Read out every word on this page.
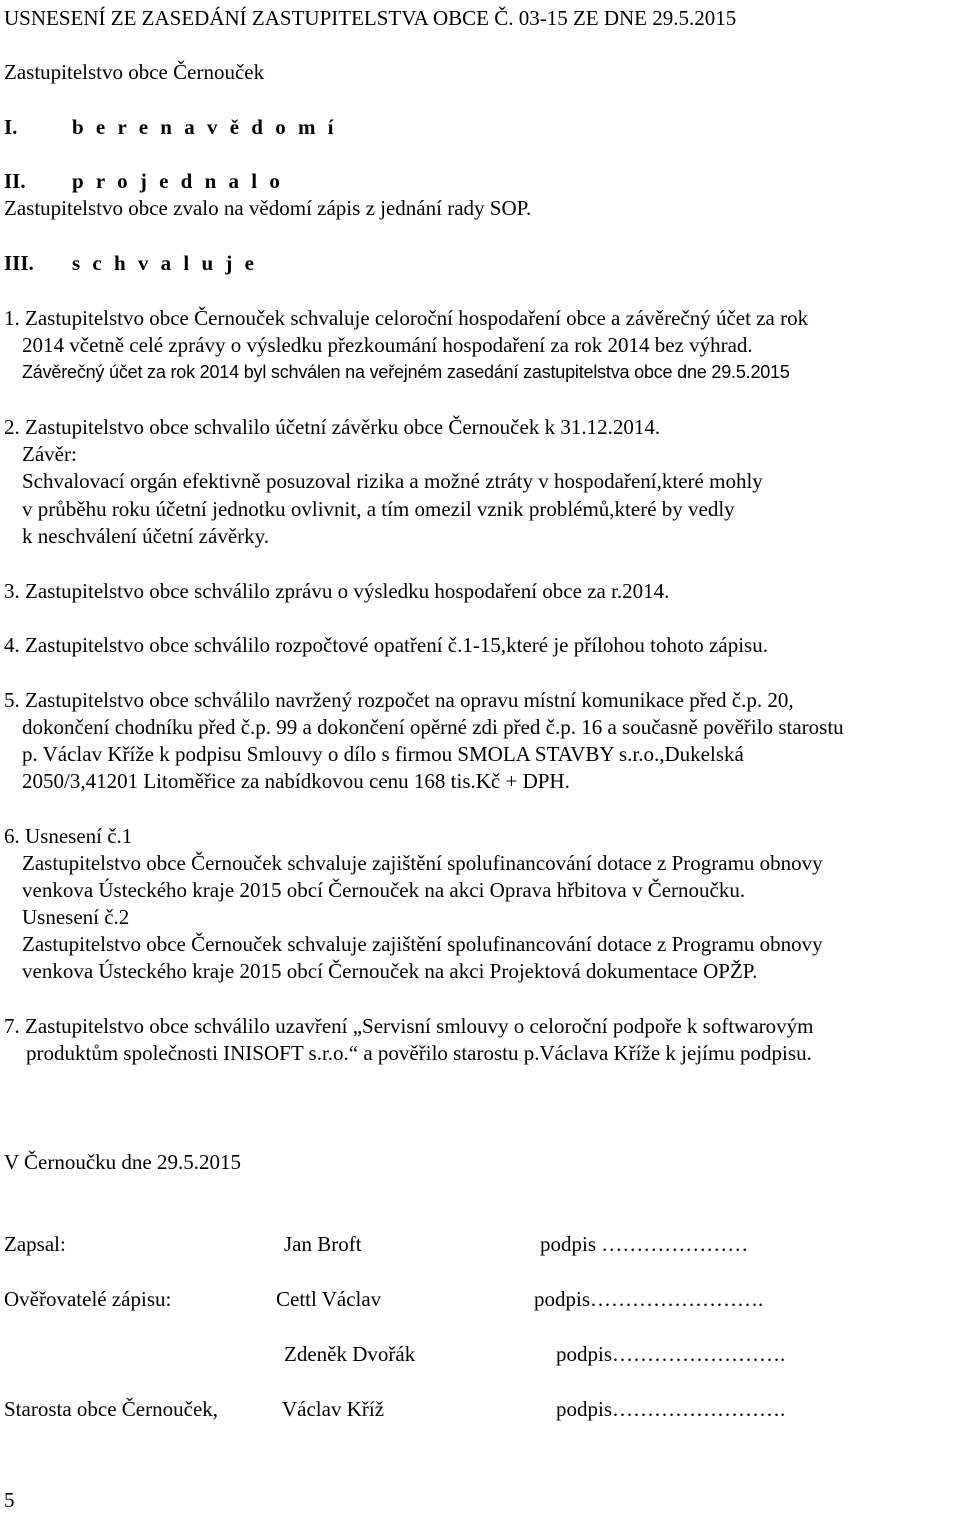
USNESENÍ ZE ZASEDÁNÍ ZASTUPITELSTVA OBCE Č. 03-15 ZE DNE 29.5.2015
Zastupitelstvo obce Černouček
I.	b e r e n a v ě d o m í
II. p r o j e d n a l o
Zastupitelstvo obce zvalo na vědomí zápis z jednání rady SOP.
III. s c h v a l u j e
1. Zastupitelstvo obce Černouček schvaluje celoroční hospodaření obce a závěrečný účet za rok
2014 včetně celé zprávy o výsledku přezkoumání hospodaření za rok 2014 bez výhrad.
Závěrečný účet za rok 2014 byl schválen na veřejném zasedání zastupitelstva obce dne 29.5.2015
2. Zastupitelstvo obce schvalilo účetní závěrku obce Černouček k 31.12.2014.
Závěr:
Schvalovací orgán efektivně posuzoval rizika a možné ztráty v hospodaření,které mohly
v průběhu roku účetní jednotku ovlivnit, a tím omezil vznik problémů,které by vedly
k neschválení účetní závěrky.
3. Zastupitelstvo obce schválilo zprávu o výsledku hospodaření obce za r.2014.
4. Zastupitelstvo obce schválilo rozpočtové opatření č.1-15,které je přílohou tohoto zápisu.
5. Zastupitelstvo obce schválilo navržený rozpočet na opravu místní komunikace před č.p. 20,
dokončení chodníku před č.p. 99 a dokončení opěrné zdi před č.p. 16 a současně pověřilo starostu
p. Václav Kříže k podpisu Smlouvy o dílo s firmou SMOLA STAVBY s.r.o.,Dukelská
2050/3,41201 Litoměřice za nabídkovou cenu 168 tis.Kč + DPH.
6. Usnesení č.1
Zastupitelstvo obce Černouček schvaluje zajištění spolufinancování dotace z Programu obnovy
venkova Ústeckého kraje 2015 obcí Černouček na akci Oprava hřbitova v Černoučku.
Usnesení č.2
Zastupitelstvo obce Černouček schvaluje zajištění spolufinancování dotace z Programu obnovy
venkova Ústeckého kraje 2015 obcí Černouček na akci Projektová dokumentace OPŽP.
7. Zastupitelstvo obce schválilo uzavření „Servisní smlouvy o celoroční podpoře k softwarovým
produktům společnosti INISOFT s.r.o.“ a pověřilo starostu p.Václava Kříže k jejímu podpisu.
V Černoučku dne 29.5.2015
Zapsal:	Jan Broft	podpis …………………
Ověřovatelé zápisu:	Cettl Václav	podpis…………………….
Zdeněk Dvořák	podpis…………………….
Starosta obce Černouček,	Václav Kříž	podpis…………………….
5
